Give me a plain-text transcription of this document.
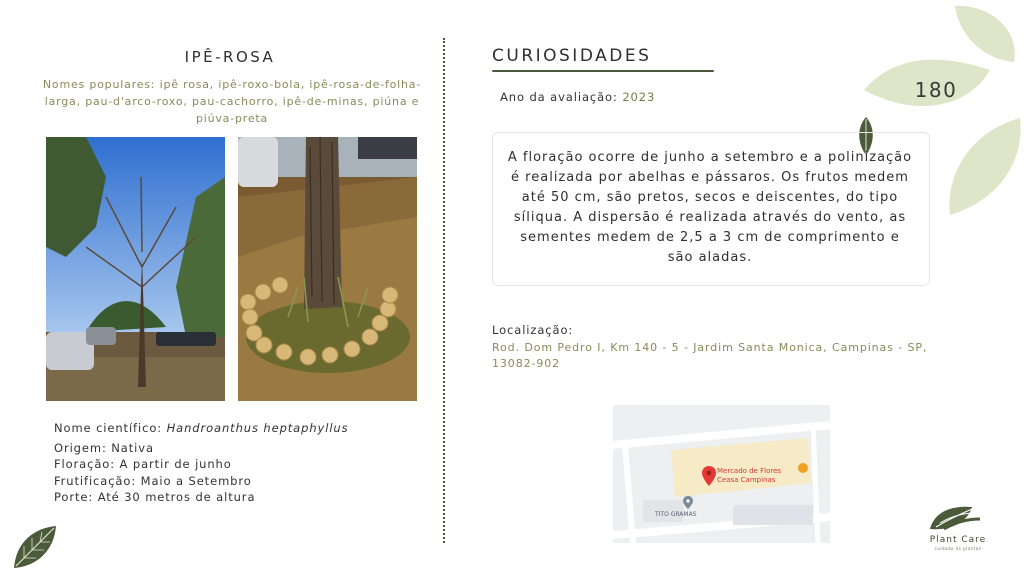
180
IPÊ-ROSA
Nomes populares: ipê rosa, ipê-roxo-bola, ipê-rosa-de-folha-larga, pau-d'arco-roxo, pau-cachorro, ipê-de-minas, piúna e piúva-preta
Nome científico: Handroanthus heptaphyllus
Origem: Nativa
Floração: A partir de junho
Frutificação: Maio a Setembro
Porte: Até 30 metros de altura
CURIOSIDADES
Ano da avaliação: 2023
A floração ocorre de junho a setembro e a polinização é realizada por abelhas e pássaros. Os frutos medem até 50 cm, são pretos, secos e deiscentes, do tipo síliqua. A dispersão é realizada através do vento, as sementes medem de 2,5 a 3 cm de comprimento e são aladas.
Localização:
Rod. Dom Pedro I, Km 140 - 5 - Jardim Santa Monica, Campinas - SP, 13082-902
Mercado de Flores
Ceasa Campinas
TITO GRAMAS
Plant Care
cuidado às plantas
